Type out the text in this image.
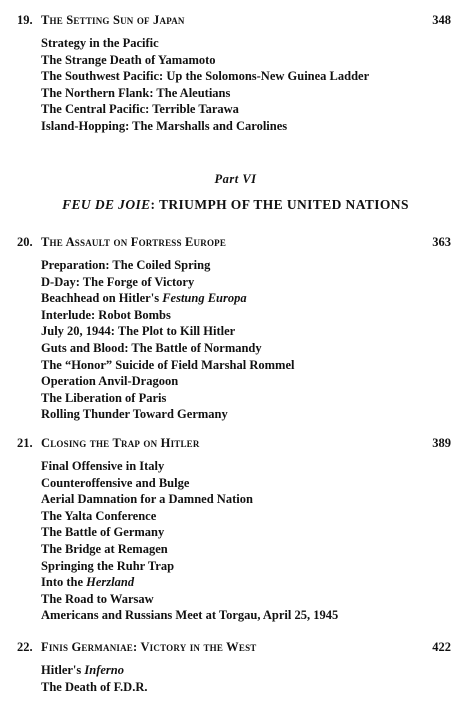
19. The Setting Sun of Japan	348
Strategy in the Pacific
The Strange Death of Yamamoto
The Southwest Pacific: Up the Solomons-New Guinea Ladder
The Northern Flank: The Aleutians
The Central Pacific: Terrible Tarawa
Island-Hopping: The Marshalls and Carolines
Part VI
FEU DE JOIE: TRIUMPH OF THE UNITED NATIONS
20. The Assault on Fortress Europe	363
Preparation: The Coiled Spring
D-Day: The Forge of Victory
Beachhead on Hitler's Festung Europa
Interlude: Robot Bombs
July 20, 1944: The Plot to Kill Hitler
Guts and Blood: The Battle of Normandy
The “Honor” Suicide of Field Marshal Rommel
Operation Anvil-Dragoon
The Liberation of Paris
Rolling Thunder Toward Germany
21. Closing the Trap on Hitler	389
Final Offensive in Italy
Counteroffensive and Bulge
Aerial Damnation for a Damned Nation
The Yalta Conference
The Battle of Germany
The Bridge at Remagen
Springing the Ruhr Trap
Into the Herzland
The Road to Warsaw
Americans and Russians Meet at Torgau, April 25, 1945
22. Finis Germaniae: Victory in the West	422
Hitler's Inferno
The Death of F.D.R.
